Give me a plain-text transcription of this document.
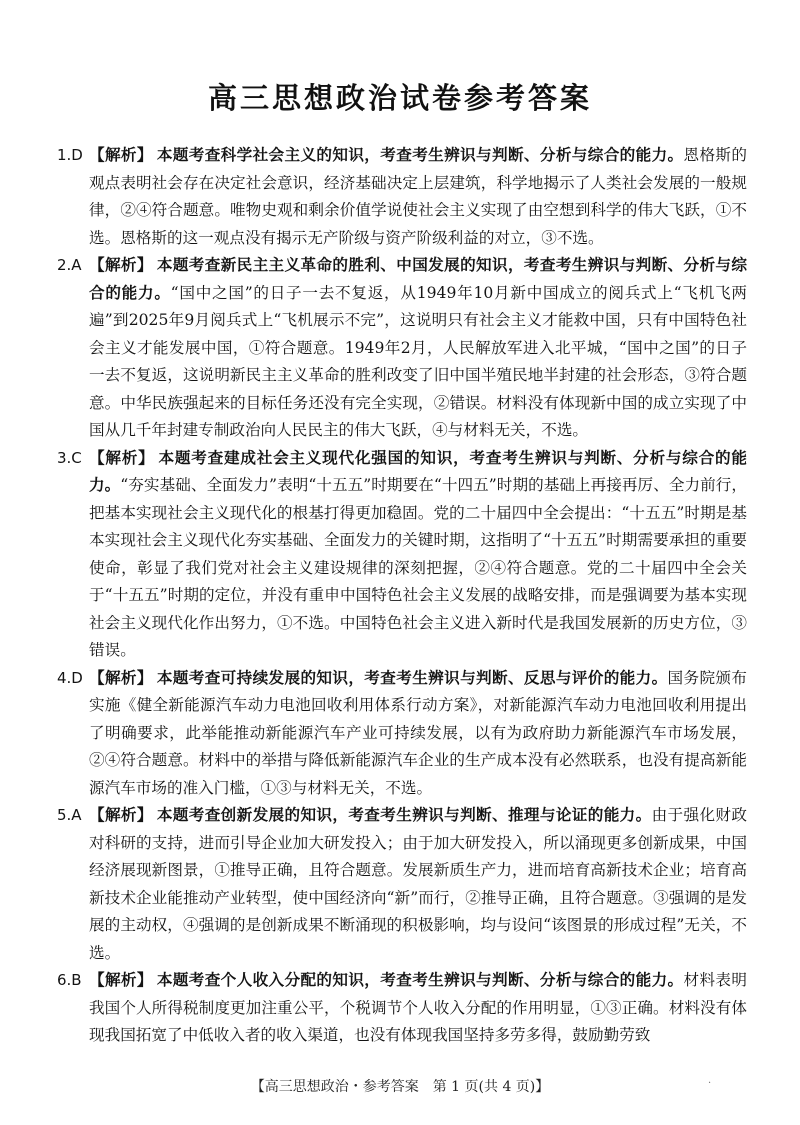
高三思想政治试卷参考答案
1.D 【解析】 本题考查科学社会主义的知识，考查考生辨识与判断、分析与综合的能力。恩格斯的观点表明社会存在决定社会意识，经济基础决定上层建筑，科学地揭示了人类社会发展的一般规律，②④符合题意。唯物史观和剩余价值学说使社会主义实现了由空想到科学的伟大飞跃，①不选。恩格斯的这一观点没有揭示无产阶级与资产阶级利益的对立，③不选。
2.A 【解析】 本题考查新民主主义革命的胜利、中国发展的知识，考查考生辨识与判断、分析与综合的能力。“国中之国”的日子一去不复返，从1949年10月新中国成立的阅兵式上“飞机飞两遍”到2025年9月阅兵式上“飞机展示不完”，这说明只有社会主义才能救中国，只有中国特色社会主义才能发展中国，①符合题意。1949年2月，人民解放军进入北平城，“国中之国”的日子一去不复返，这说明新民主主义革命的胜利改变了旧中国半殖民地半封建的社会形态，③符合题意。中华民族强起来的目标任务还没有完全实现，②错误。材料没有体现新中国的成立实现了中国从几千年封建专制政治向人民民主的伟大飞跃，④与材料无关，不选。
3.C 【解析】 本题考查建成社会主义现代化强国的知识，考查考生辨识与判断、分析与综合的能力。“夯实基础、全面发力”表明“十五五”时期要在“十四五”时期的基础上再接再厉、全力前行，把基本实现社会主义现代化的根基打得更加稳固。党的二十届四中全会提出：“十五五”时期是基本实现社会主义现代化夯实基础、全面发力的关键时期，这指明了“十五五”时期需要承担的重要使命，彰显了我们党对社会主义建设规律的深刻把握，②④符合题意。党的二十届四中全会关于“十五五”时期的定位，并没有重申中国特色社会主义发展的战略安排，而是强调要为基本实现社会主义现代化作出努力，①不选。中国特色社会主义进入新时代是我国发展新的历史方位，③错误。
4.D 【解析】 本题考查可持续发展的知识，考查考生辨识与判断、反思与评价的能力。国务院颁布实施《健全新能源汽车动力电池回收利用体系行动方案》，对新能源汽车动力电池回收利用提出了明确要求，此举能推动新能源汽车产业可持续发展，以有为政府助力新能源汽车市场发展，②④符合题意。材料中的举措与降低新能源汽车企业的生产成本没有必然联系，也没有提高新能源汽车市场的准入门槛，①③与材料无关，不选。
5.A 【解析】 本题考查创新发展的知识，考查考生辨识与判断、推理与论证的能力。由于强化财政对科研的支持，进而引导企业加大研发投入；由于加大研发投入，所以涌现更多创新成果，中国经济展现新图景，①推导正确，且符合题意。发展新质生产力，进而培育高新技术企业；培育高新技术企业能推动产业转型，使中国经济向“新”而行，②推导正确，且符合题意。③强调的是发展的主动权，④强调的是创新成果不断涌现的积极影响，均与设问“该图景的形成过程”无关，不选。
6.B 【解析】 本题考查个人收入分配的知识，考查考生辨识与判断、分析与综合的能力。材料表明我国个人所得税制度更加注重公平，个税调节个人收入分配的作用明显，①③正确。材料没有体现我国拓宽了中低收入者的收入渠道，也没有体现我国坚持多劳多得，鼓励勤劳致
【高三思想政治・参考答案　第 1 页(共 4 页)】	·
